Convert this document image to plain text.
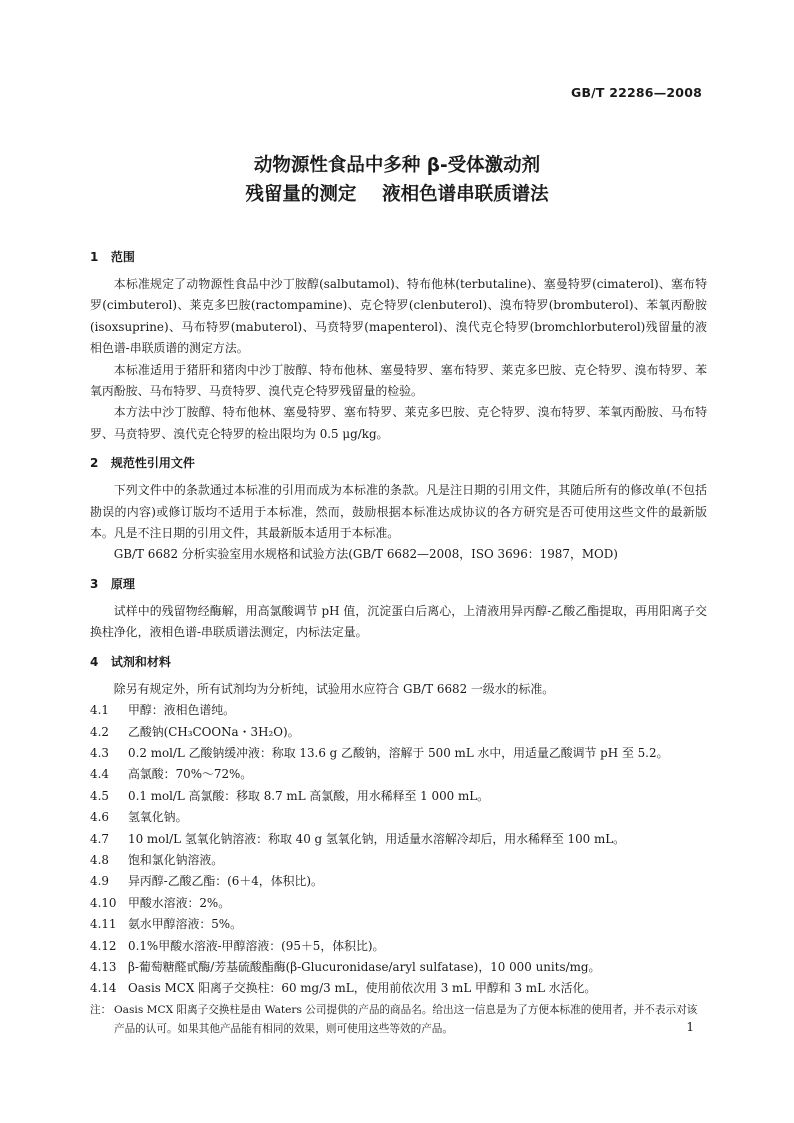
GB/T 22286—2008
动物源性食品中多种 β-受体激动剂
残留量的测定    液相色谱串联质谱法
1   范围
本标准规定了动物源性食品中沙丁胺醇(salbutamol)、特布他林(terbutaline)、塞曼特罗(cimaterol)、塞布特罗(cimbuterol)、莱克多巴胺(ractompamine)、克仑特罗(clenbuterol)、溴布特罗(brombuterol)、苯氧丙酚胺(isoxsuprine)、马布特罗(mabuterol)、马贲特罗(mapenterol)、溴代克仑特罗(bromchlorbuterol)残留量的液相色谱-串联质谱的测定方法。
本标准适用于猪肝和猪肉中沙丁胺醇、特布他林、塞曼特罗、塞布特罗、莱克多巴胺、克仑特罗、溴布特罗、苯氧丙酚胺、马布特罗、马贲特罗、溴代克仑特罗残留量的检验。
本方法中沙丁胺醇、特布他林、塞曼特罗、塞布特罗、莱克多巴胺、克仑特罗、溴布特罗、苯氧丙酚胺、马布特罗、马贲特罗、溴代克仑特罗的检出限均为 0.5 μg/kg。
2   规范性引用文件
下列文件中的条款通过本标准的引用而成为本标准的条款。凡是注日期的引用文件，其随后所有的修改单(不包括勘误的内容)或修订版均不适用于本标准，然而，鼓励根据本标准达成协议的各方研究是否可使用这些文件的最新版本。凡是不注日期的引用文件，其最新版本适用于本标准。
GB/T 6682 分析实验室用水规格和试验方法(GB/T 6682—2008，ISO 3696：1987，MOD)
3   原理
试样中的残留物经酶解，用高氯酸调节 pH 值，沉淀蛋白后离心，上清液用异丙醇-乙酸乙酯提取，再用阳离子交换柱净化，液相色谱-串联质谱法测定，内标法定量。
4   试剂和材料
除另有规定外，所有试剂均为分析纯，试验用水应符合 GB/T 6682 一级水的标准。
4.1 甲醇：液相色谱纯。
4.2 乙酸钠(CH₃COONa・3H₂O)。
4.3 0.2 mol/L 乙酸钠缓冲液：称取 13.6 g 乙酸钠，溶解于 500 mL 水中，用适量乙酸调节 pH 至 5.2。
4.4 高氯酸：70%～72%。
4.5 0.1 mol/L 高氯酸：移取 8.7 mL 高氯酸，用水稀释至 1 000 mL。
4.6 氢氧化钠。
4.7 10 mol/L 氢氧化钠溶液：称取 40 g 氢氧化钠，用适量水溶解冷却后，用水稀释至 100 mL。
4.8 饱和氯化钠溶液。
4.9 异丙醇-乙酸乙酯：(6＋4，体积比)。
4.10 甲酸水溶液：2%。
4.11 氨水甲醇溶液：5%。
4.12 0.1%甲酸水溶液-甲醇溶液：(95＋5，体积比)。
4.13 β-葡萄糖醛甙酶/芳基硫酸酯酶(β-Glucuronidase/aryl sulfatase)，10 000 units/mg。
4.14 Oasis MCX 阳离子交换柱：60 mg/3 mL，使用前依次用 3 mL 甲醇和 3 mL 水活化。
注： Oasis MCX 阳离子交换柱是由 Waters 公司提供的产品的商品名。给出这一信息是为了方便本标准的使用者，并不表示对该产品的认可。如果其他产品能有相同的效果，则可使用这些等效的产品。	1
